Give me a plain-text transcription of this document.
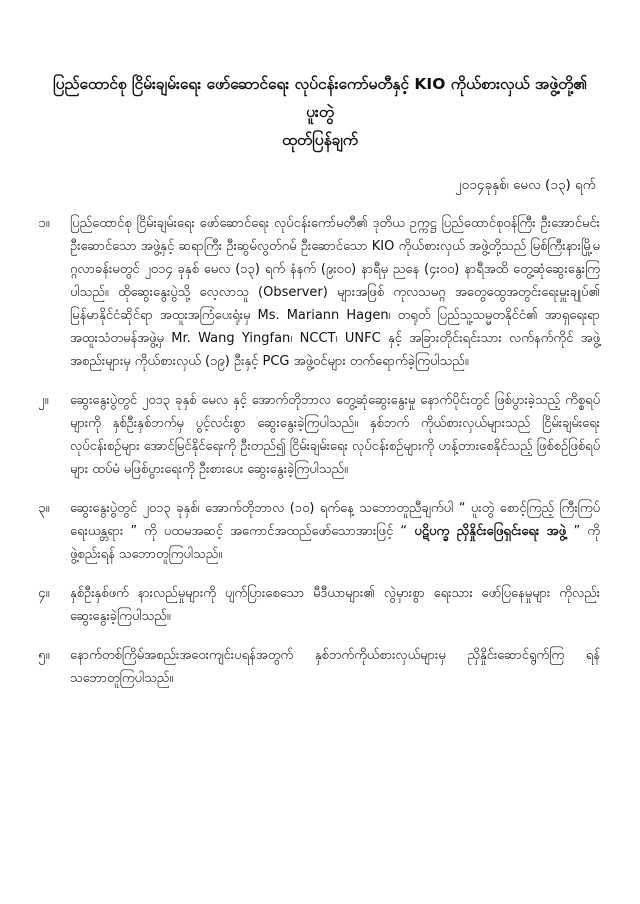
ပြည်ထောင်စု ငြိမ်းချမ်းရေး ဖော်ဆောင်ရေး လုပ်ငန်းကော်မတီနှင့် KIO ကိုယ်စားလှယ် အဖွဲ့တို့၏ ပူးတွဲ
ထုတ်ပြန်ချက်
၂၀၁၄ခုနှစ်၊ မေလ (၁၃) ရက်
၁။	ပြည်ထောင်စု ငြိမ်းချမ်းရေး ဖော်ဆောင်ရေး လုပ်ငန်းကော်မတီ၏ ဒုတိယ ဥက္ကဋ္ဌ ပြည်ထောင်စုဝန်ကြီး ဦးအောင်မင်း ဦးဆောင်သော အဖွဲ့နှင့် ဆရာကြီး ဦးဆွမ်လွတ်ဂမ် ဦးဆောင်သော KIO ကိုယ်စားလှယ် အဖွဲ့တို့သည် မြစ်ကြီးနားမြို့မဂ္ဂလာခန်းမတွင် ၂၀၁၄ ခုနှစ် မေလ (၁၃) ရက် နံနက် (၉း၀၀) နာရီမှ ညနေ (၄း၀၀) နာရီအထိ တွေ့ဆုံဆွေးနွေးကြပါသည်။ ထိုဆွေးနွေးပွဲသို့ လေ့လာသူ (Observer) များအဖြစ် ကုလသမဂ္ဂ အတွေထွေအတွင်းရေးမှူးချုပ်၏ မြန်မာနိုင်ငံဆိုင်ရာ အထူးအကြံပေးရုံးမှ Ms. Mariann Hagen၊ တရုတ် ပြည်သူ့သမ္မတနိုင်ငံ၏ အာရှရေးရာ အထူးသံတမန်အဖွဲ့မှ Mr. Wang Yingfan၊ NCCT၊ UNFC နှင့် အခြားတိုင်းရင်းသား လက်နက်ကိုင် အဖွဲ့အစည်းများမှ ကိုယ်စားလှယ် (၁၉) ဦးနှင့် PCG အဖွဲ့ဝင်များ တက်ရောက်ခဲ့ကြပါသည်။
၂။	ဆွေးနွေးပွဲတွင် ၂၀၁၃ ခုနှစ် မေလ နှင့် အောက်တိုဘာလ တွေ့ဆုံဆွေးနွေးမှု နောက်ပိုင်းတွင် ဖြစ်ပွားခဲ့သည့် ကိစ္စရပ်များကို နှစ်ဦးနှစ်ဘက်မှ ပွင့်လင်းစွာ ဆွေးနွေးခဲ့ကြပါသည်။ နှစ်ဘက် ကိုယ်စားလှယ်များသည် ငြိမ်းချမ်းရေး လုပ်ငန်းစဉ်များ အောင်မြင်နိုင်ရေးကို ဦးတည်၍ ငြိမ်းချမ်းရေး လုပ်ငန်းစဉ်များကို ဟန့်တားစေနိုင်သည့် ဖြစ်စဉ်ဖြစ်ရပ်များ ထပ်မံ မဖြစ်ပွားရေးကို ဦးစားပေး ဆွေးနွေးခဲ့ကြပါသည်။
၃။	ဆွေးနွေးပွဲတွင် ၂၀၁၃ ခုနှစ်၊ အောက်တိုဘာလ (၁၀) ရက်နေ့ သဘောတူညီချက်ပါ “ ပူးတွဲ စောင့်ကြည့် ကြီးကြပ်ရေးယန္တရား ” ကို ပထမအဆင့် အကောင်အထည်ဖော်သောအားဖြင့် “ ပဋိပက္ခ ညှိနှိုင်းဖြေရှင်းရေး အဖွဲ့ ” ကို ဖွဲ့စည်းရန် သဘောတူကြပါသည်။
၄။	နှစ်ဦးနှစ်ဖက် နားလည်မှုများကို ပျက်ပြားစေသော မီဒီယာများ၏ လွဲမှားစွာ ရေးသား ဖော်ပြနေမှုများ ကိုလည်း ဆွေးနွေးခဲ့ကြပါသည်။
၅။	နောက်တစ်ကြိမ်အစည်းအဝေးကျင်းပရန်အတွက် နှစ်ဘက်ကိုယ်စားလှယ်များမှ ညှိနှိုင်းဆောင်ရွက်ကြ ရန် သဘောတူကြပါသည်။
